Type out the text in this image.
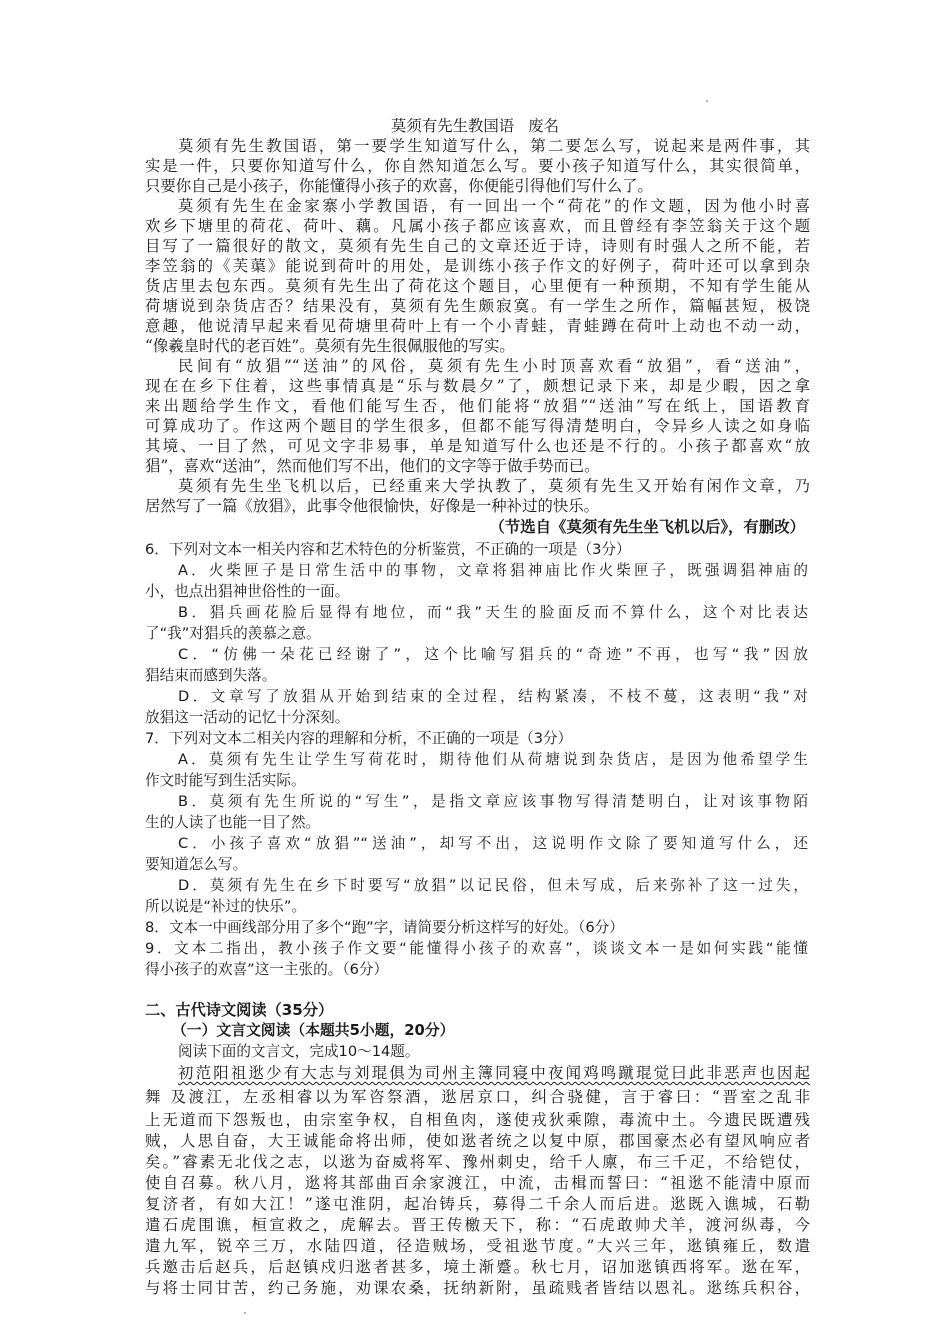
莫须有先生教国语 废名
莫须有先生教国语，第一要学生知道写什么，第二要怎么写，说起来是两件事，其
实是一件，只要你知道写什么，你自然知道怎么写。要小孩子知道写什么，其实很简单，
只要你自己是小孩子，你能懂得小孩子的欢喜，你便能引得他们写什么了。
莫须有先生在金家寨小学教国语，有一回出一个“荷花”的作文题，因为他小时喜
欢乡下塘里的荷花、荷叶、藕。凡属小孩子都应该喜欢，而且曾经有李笠翁关于这个题
目写了一篇很好的散文，莫须有先生自己的文章还近于诗，诗则有时强人之所不能，若
李笠翁的《芙蕖》能说到荷叶的用处，是训练小孩子作文的好例子，荷叶还可以拿到杂
货店里去包东西。莫须有先生出了荷花这个题目，心里便有一种预期，不知有学生能从
荷塘说到杂货店否？结果没有，莫须有先生颇寂寞。有一学生之所作，篇幅甚短，极饶
意趣，他说清早起来看见荷塘里荷叶上有一个小青蛙，青蛙蹲在荷叶上动也不动一动，
“像羲皇时代的老百姓”。莫须有先生很佩服他的写实。
民间有“放猖”“送油”的风俗，莫须有先生小时顶喜欢看“放猖”，看“送油”，
现在在乡下住着，这些事情真是“乐与数晨夕”了，颇想记录下来，却是少暇，因之拿
来出题给学生作文，看他们能写生否，他们能将“放猖”“送油”写在纸上，国语教育
可算成功了。作这两个题目的学生很多，但都不能写得清楚明白，令异乡人读之如身临
其境、一目了然，可见文字非易事，单是知道写什么也还是不行的。小孩子都喜欢“放
猖”，喜欢“送油”，然而他们写不出，他们的文字等于做手势而已。
莫须有先生坐飞机以后，已经重来大学执教了，莫须有先生又开始有闲作文章，乃
居然写了一篇《放猖》，此事令他很愉快，好像是一种补过的快乐。
（节选自《莫须有先生坐飞机以后》，有删改）
6．下列对文本一相关内容和艺术特色的分析鉴赏，不正确的一项是（3分）
A．火柴匣子是日常生活中的事物，文章将猖神庙比作火柴匣子，既强调猖神庙的
小，也点出猖神世俗性的一面。
B．猖兵画花脸后显得有地位，而“我”天生的脸面反而不算什么，这个对比表达
了“我”对猖兵的羡慕之意。
C．“仿佛一朵花已经谢了”，这个比喻写猖兵的“奇迹”不再，也写“我”因放
猖结束而感到失落。
D．文章写了放猖从开始到结束的全过程，结构紧凑，不枝不蔓，这表明“我”对
放猖这一活动的记忆十分深刻。
7．下列对文本二相关内容的理解和分析，不正确的一项是（3分）
A．莫须有先生让学生写荷花时，期待他们从荷塘说到杂货店，是因为他希望学生
作文时能写到生活实际。
B．莫须有先生所说的“写生”，是指文章应该事物写得清楚明白，让对该事物陌
生的人读了也能一目了然。
C．小孩子喜欢“放猖”“送油”，却写不出，这说明作文除了要知道写什么，还
要知道怎么写。
D．莫须有先生在乡下时要写“放猖”以记民俗，但未写成，后来弥补了这一过失，
所以说是“补过的快乐”。
8．文本一中画线部分用了多个“跑”字，请简要分析这样写的好处。（6分）
9．文本二指出，教小孩子作文要“能懂得小孩子的欢喜”，谈谈文本一是如何实践“能懂
得小孩子的欢喜”这一主张的。（6分）
二、古代诗文阅读（35分）
（一）文言文阅读（本题共5小题，20分）
阅读下面的文言文，完成10～14题。
初范阳祖逖少有大志与刘琨俱为司州主簿同寝中夜闻鸡鸣蹴琨觉曰此非恶声也因起
舞 及渡江，左丞相睿以为军咨祭酒，逖居京口，纠合骁健，言于睿曰：“晋室之乱非
上无道而下怨叛也，由宗室争权，自相鱼肉，遂使戎狄乘隙，毒流中土。今遗民既遭残
贼，人思自奋，大王诚能命将出师，使如逖者统之以复中原，郡国豪杰必有望风响应者
矣。”睿素无北伐之志，以逖为奋威将军、豫州刺史，给千人廪，布三千疋，不给铠仗，
使自召募。秋八月，逖将其部曲百余家渡江，中流，击楫而誓曰：“祖逖不能清中原而
复济者，有如大江！”遂屯淮阴，起冶铸兵，募得二千余人而后进。逖既入谯城，石勒
遣石虎围谯，桓宣救之，虎解去。晋王传檄天下，称：“石虎敢帅犬羊，渡河纵毒，今
遣九军，锐卒三万，水陆四道，径造贼场，受祖逖节度。”大兴三年，逖镇雍丘，数遣
兵邀击后赵兵，后赵镇戍归逖者甚多，境土渐蹙。秋七月，诏加逖镇西将军。逖在军，
与将士同甘苦，约己务施，劝课农桑，抚纳新附，虽疏贱者皆结以恩礼。逖练兵积谷，
